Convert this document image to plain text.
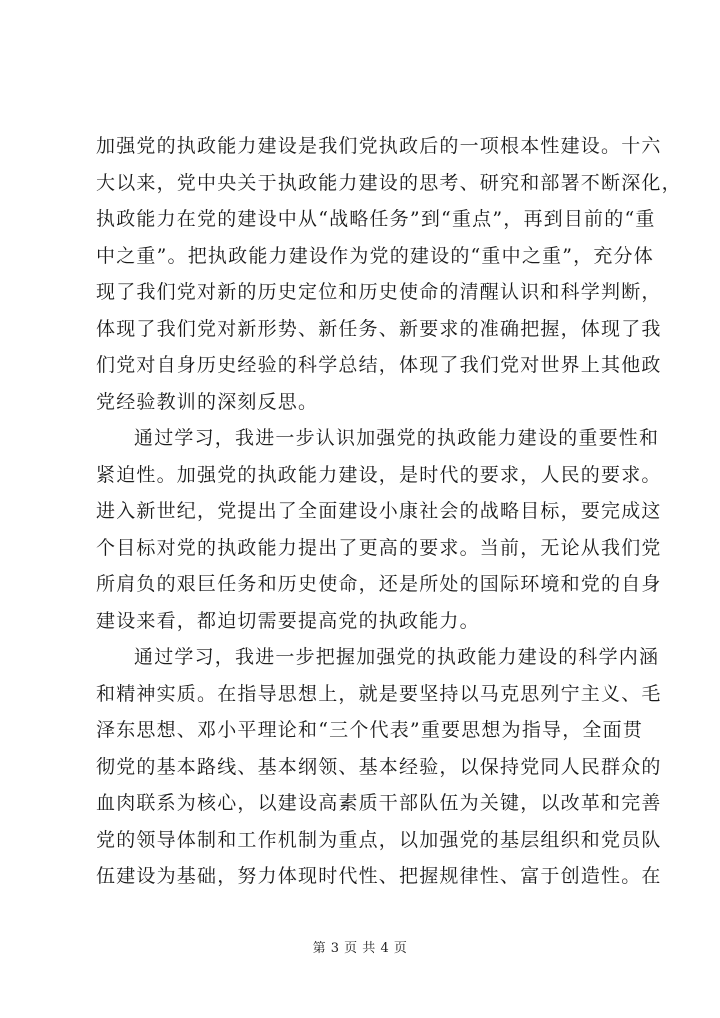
加强党的执政能力建设是我们党执政后的一项根本性建设。十六
大以来，党中央关于执政能力建设的思考、研究和部署不断深化，
执政能力在党的建设中从“战略任务”到“重点”，再到目前的“重
中之重”。把执政能力建设作为党的建设的“重中之重”，充分体
现了我们党对新的历史定位和历史使命的清醒认识和科学判断，
体现了我们党对新形势、新任务、新要求的准确把握，体现了我
们党对自身历史经验的科学总结，体现了我们党对世界上其他政
党经验教训的深刻反思。
通过学习，我进一步认识加强党的执政能力建设的重要性和
紧迫性。加强党的执政能力建设，是时代的要求，人民的要求。
进入新世纪，党提出了全面建设小康社会的战略目标，要完成这
个目标对党的执政能力提出了更高的要求。当前，无论从我们党
所肩负的艰巨任务和历史使命，还是所处的国际环境和党的自身
建设来看，都迫切需要提高党的执政能力。
通过学习，我进一步把握加强党的执政能力建设的科学内涵
和精神实质。在指导思想上，就是要坚持以马克思列宁主义、毛
泽东思想、邓小平理论和“三个代表”重要思想为指导，全面贯
彻党的基本路线、基本纲领、基本经验，以保持党同人民群众的
血肉联系为核心，以建设高素质干部队伍为关键，以改革和完善
党的领导体制和工作机制为重点，以加强党的基层组织和党员队
伍建设为基础，努力体现时代性、把握规律性、富于创造性。在
第 3 页 共 4 页
